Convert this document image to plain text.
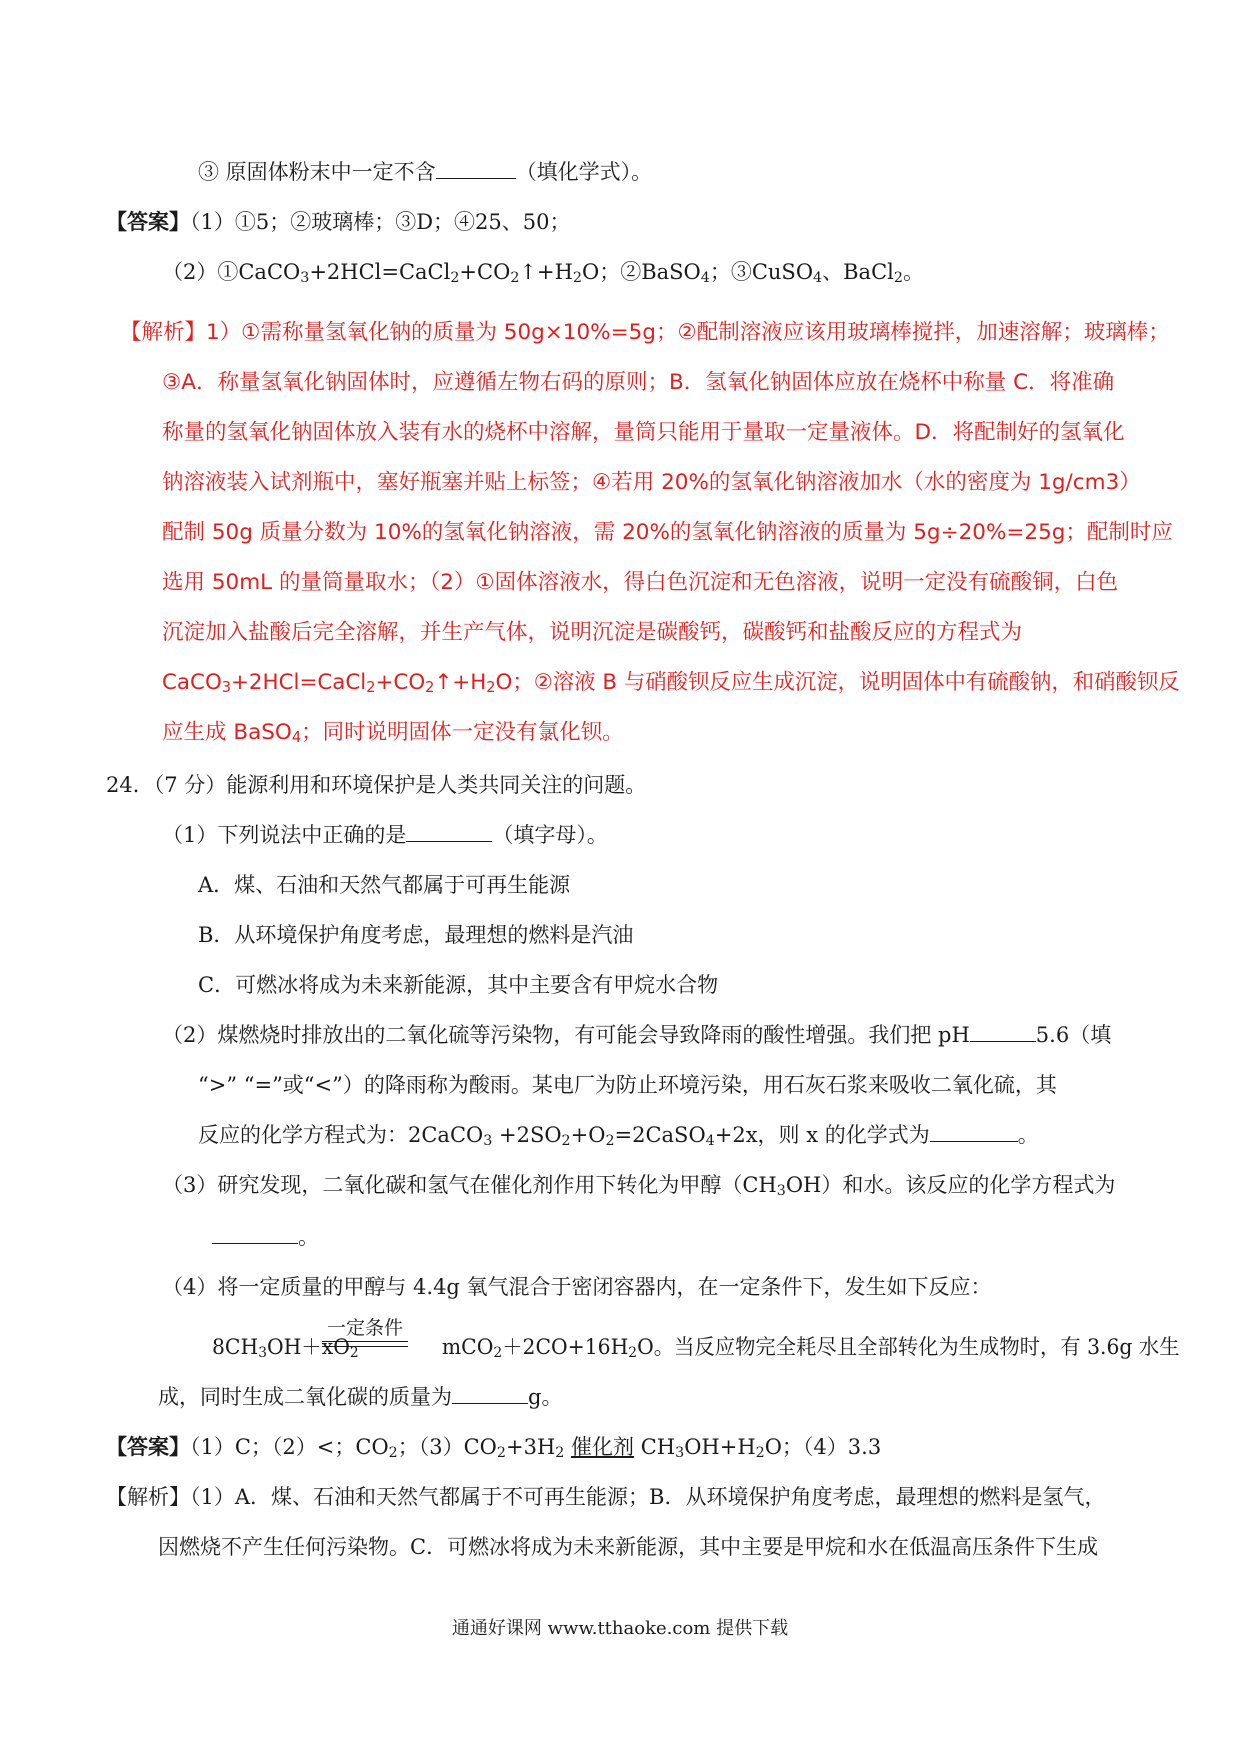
③ 原固体粉末中一定不含	（填化学式）。
【答案】（1）①5；②玻璃棒；③D；④25、50；
$(2)①CaCO_3+2HCl=CaCl_2+CO_2↑+H_2O$；②BaSO$_4$；③CuSO$_4$、BaCl$_2$。
【解析】1）①需称量氢氧化钠的质量为 50g×10%=5g；②配制溶液应该用玻璃棒搅拌，加速溶解；玻璃棒；
③A．称量氢氧化钠固体时，应遵循左物右码的原则；B．氢氧化钠固体应放在烧杯中称量 C．将准确
称量的氢氧化钠固体放入装有水的烧杯中溶解，量筒只能用于量取一定量液体。D．将配制好的氢氧化
钠溶液装入试剂瓶中，塞好瓶塞并贴上标签；④若用 20%的氢氧化钠溶液加水（水的密度为 1g/cm3）
配制 50g 质量分数为 10%的氢氧化钠溶液，需 20%的氢氧化钠溶液的质量为 5g÷20%=25g；配制时应
选用 50mL 的量筒量取水；（2）①固体溶液水，得白色沉淀和无色溶液，说明一定没有硫酸铜，白色
沉淀加入盐酸后完全溶解，并生产气体，说明沉淀是碳酸钙，碳酸钙和盐酸反应的方程式为
$CaCO_3+2HCl=CaCl_2+CO_2↑+H_2O$；②溶液 B 与硝酸钡反应生成沉淀，说明固体中有硫酸钠，和硝酸钡反
应生成 BaSO$_4$；同时说明固体一定没有氯化钡。
24．（7 分）能源利用和环境保护是人类共同关注的问题。
（1）下列说法中正确的是	（填字母）。
A．煤、石油和天然气都属于可再生能源
B．从环境保护角度考虑，最理想的燃料是汽油
C．可燃冰将成为未来新能源，其中主要含有甲烷水合物
（2）煤燃烧时排放出的二氧化硫等污染物，有可能会导致降雨的酸性增强。我们把 pH	5.6（填
“>” “=”或“<”）的降雨称为酸雨。某电厂为防止环境污染，用石灰石浆来吸收二氧化硫，其
反应的化学方程式为：2CaCO$_3$ $+2SO_2+O_2=2CaSO_4+2x$，则 x 的化学式为	。
（3）研究发现，二氧化碳和氢气在催化剂作用下转化为甲醇$(CH_3OH)$和水。该反应的化学方程式为
。
（4）将一定质量的甲醇与 4.4g 氧气混合于密闭容器内，在一定条件下，发生如下反应：
一定条件
$8CH_3OH+xO_2$	$mCO_2+2CO+16H_2O$。当反应物完全耗尽且全部转化为生成物时，有 3.6g 水生
成，同时生成二氧化碳的质量为	g。
【答案】（1）C；（2）<；$CO_2$；$(3)CO_2+3H_2$ 催化剂 $CH_3OH+H_2O$；（4）3.3
【解析】（1）A．煤、石油和天然气都属于不可再生能源；B．从环境保护角度考虑，最理想的燃料是氢气，
因燃烧不产生任何污染物。C．可燃冰将成为未来新能源，其中主要是甲烷和水在低温高压条件下生成
通通好课网 www.tthaoke.com 提供下载
